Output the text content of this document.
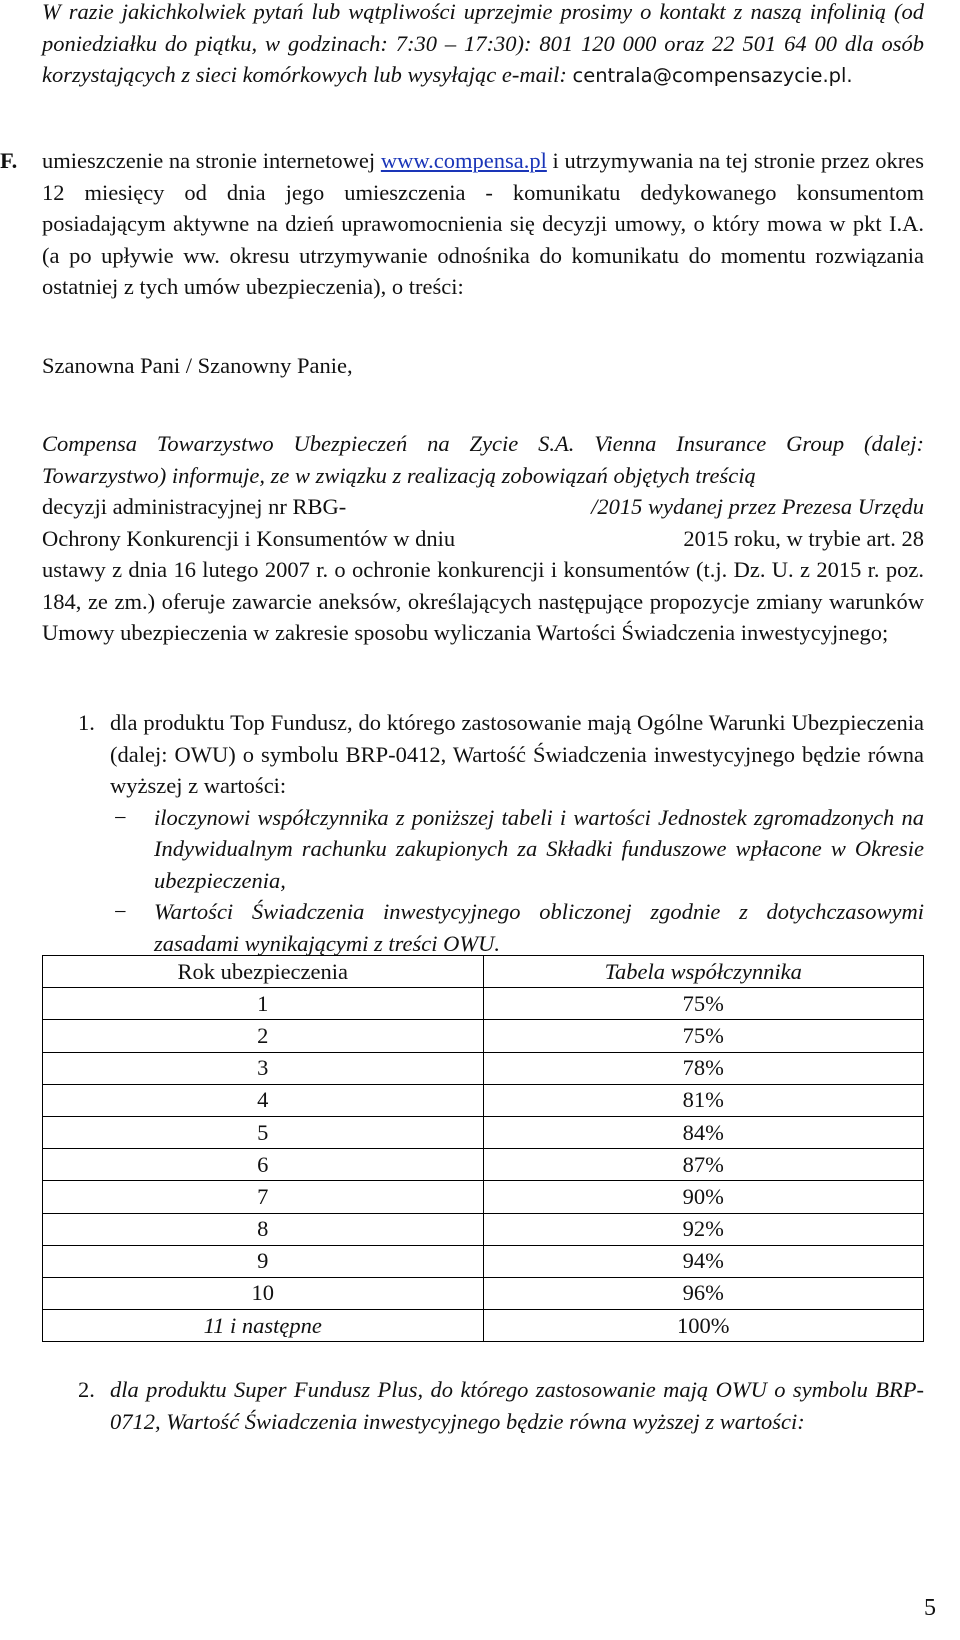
W razie jakichkolwiek pytań lub wątpliwości uprzejmie prosimy o kontakt z naszą infolinią (od poniedziałku do piątku, w godzinach: 7:30 – 17:30): 801 120 000 oraz 22 501 64 00 dla osób korzystających z sieci komórkowych lub wysyłając e-mail: centrala@compensazycie.pl.

F. umieszczenie na stronie internetowej www.compensa.pl i utrzymywania na tej stronie przez okres 12 miesięcy od dnia jego umieszczenia - komunikatu dedykowanego konsumentom posiadającym aktywne na dzień uprawomocnienia się decyzji umowy, o który mowa w pkt I.A. (a po upływie ww. okresu utrzymywanie odnośnika do komunikatu do momentu rozwiązania ostatniej z tych umów ubezpieczenia), o treści:

Szanowna Pani / Szanowny Panie,

Compensa Towarzystwo Ubezpieczeń na Zycie S.A. Vienna Insurance Group (dalej: Towarzystwo) informuje, ze w związku z realizacją zobowiązań objętych treścią

decyzji administracyjnej nr RBG-	/2015 wydanej przez Prezesa Urzędu

Ochrony Konkurencji i Konsumentów w dniu	2015 roku, w trybie art. 28

ustawy z dnia 16 lutego 2007 r. o ochronie konkurencji i konsumentów (t.j. Dz. U. z 2015 r. poz. 184, ze zm.) oferuje zawarcie aneksów, określających następujące propozycje zmiany warunków Umowy ubezpieczenia w zakresie sposobu wyliczania Wartości Świadczenia inwestycyjnego;

1. dla produktu Top Fundusz, do którego zastosowanie mają Ogólne Warunki Ubezpieczenia (dalej: OWU) o symbolu BRP-0412, Wartość Świadczenia inwestycyjnego będzie równa wyższej z wartości:

− iloczynowi współczynnika z poniższej tabeli i wartości Jednostek zgromadzonych na Indywidualnym rachunku zakupionych za Składki funduszowe wpłacone w Okresie ubezpieczenia,

− Wartości Świadczenia inwestycyjnego obliczonej zgodnie z dotychczasowymi zasadami wynikającymi z treści OWU.

Rok ubezpieczenia	Tabela współczynnika
1	75%
2	75%
3	78%
4	81%
5	84%
6	87%
7	90%
8	92%
9	94%
10	96%
11 i następne	100%
2. dla produktu Super Fundusz Plus, do którego zastosowanie mają OWU o symbolu BRP-0712, Wartość Świadczenia inwestycyjnego będzie równa wyższej z wartości:

5
